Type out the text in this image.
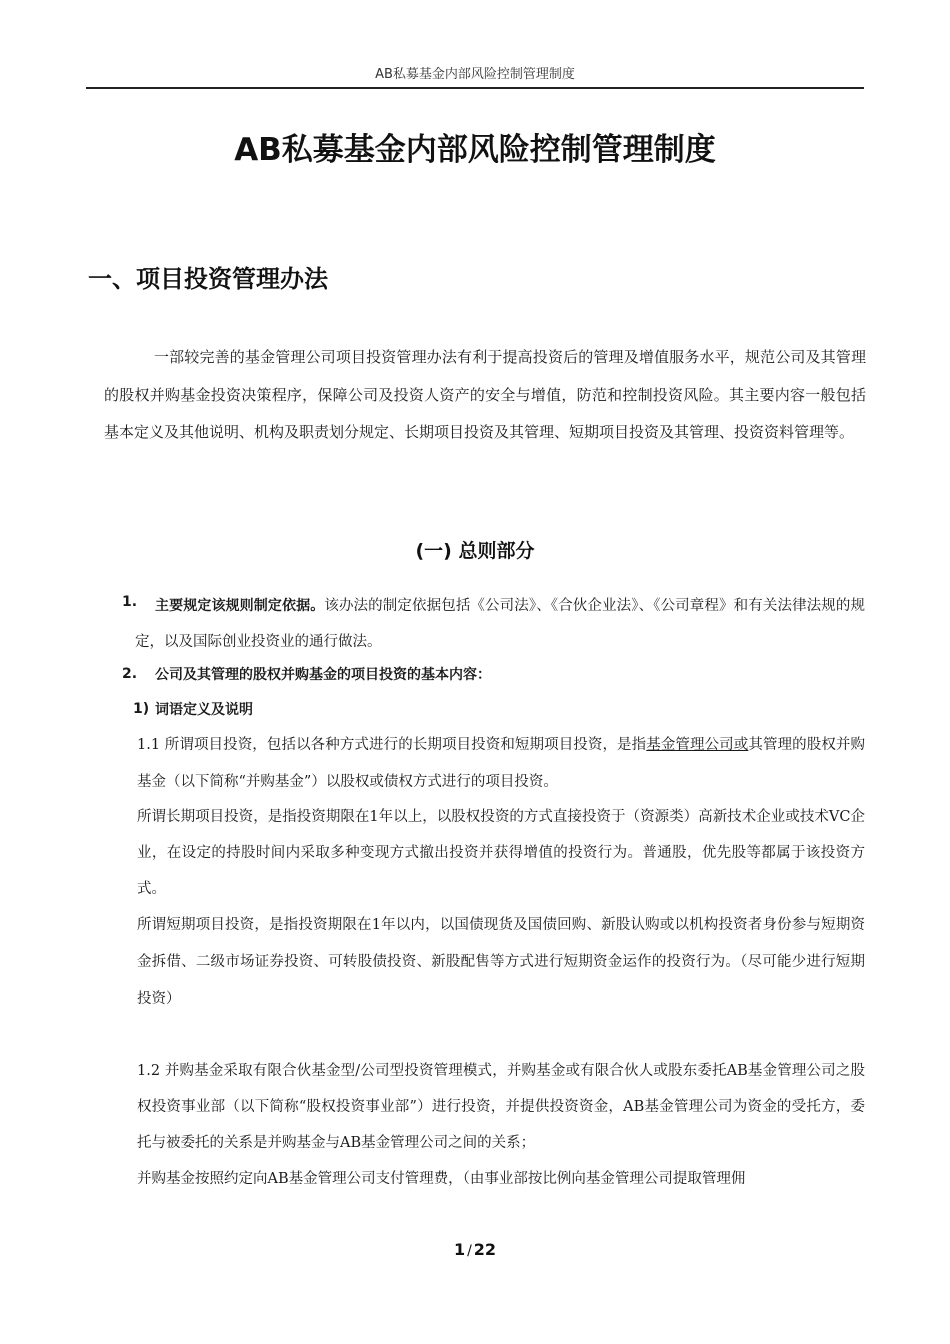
AB私募基金内部风险控制管理制度
AB私募基金内部风险控制管理制度
一、项目投资管理办法

一部较完善的基金管理公司项目投资管理办法有利于提高投资后的管理及增值服务水平，规范公司及其管理的股权并购基金投资决策程序，保障公司及投资人资产的安全与增值，防范和控制投资风险。其主要内容一般包括基本定义及其他说明、机构及职责划分规定、长期项目投资及其管理、短期项目投资及其管理、投资资料管理等。

(一) 总则部分
1.	主要规定该规则制定依据。该办法的制定依据包括《公司法》、《合伙企业法》、《公司章程》和有关法律法规的规定，以及国际创业投资业的通行做法。

2. 公司及其管理的股权并购基金的项目投资的基本内容：

1) 词语定义及说明

1.1 所谓项目投资，包括以各种方式进行的长期项目投资和短期项目投资，是指基金管理公司或其管理的股权并购基金（以下简称“并购基金”）以股权或债权方式进行的项目投资。

所谓长期项目投资，是指投资期限在1年以上，以股权投资的方式直接投资于（资源类）高新技术企业或技术VC企业，在设定的持股时间内采取多种变现方式撤出投资并获得增值的投资行为。普通股，优先股等都属于该投资方式。

所谓短期项目投资，是指投资期限在1年以内，以国债现货及国债回购、新股认购或以机构投资者身份参与短期资金拆借、二级市场证券投资、可转股债投资、新股配售等方式进行短期资金运作的投资行为。（尽可能少进行短期投资）

1.2 并购基金采取有限合伙基金型/公司型投资管理模式，并购基金或有限合伙人或股东委托AB基金管理公司之股权投资事业部（以下简称“股权投资事业部”）进行投资，并提供投资资金，AB基金管理公司为资金的受托方，委托与被委托的关系是并购基金与AB基金管理公司之间的关系；

并购基金按照约定向AB基金管理公司支付管理费，（由事业部按比例向基金管理公司提取管理佣

1 / 22
